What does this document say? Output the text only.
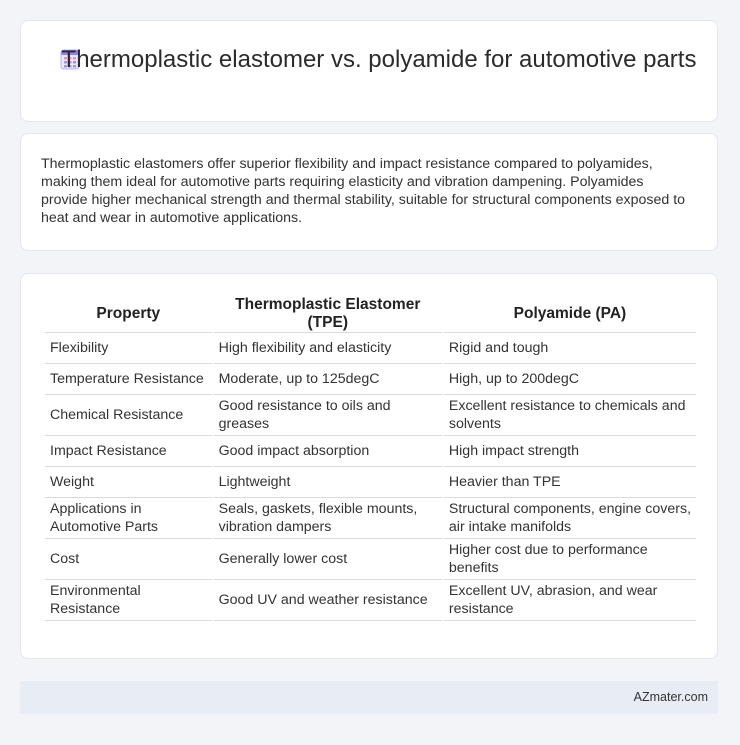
Thermoplastic elastomer vs. polyamide for automotive parts

Thermoplastic elastomers offer superior flexibility and impact resistance compared to polyamides, making them ideal for automotive parts requiring elasticity and vibration dampening. Polyamides provide higher mechanical strength and thermal stability, suitable for structural components exposed to heat and wear in automotive applications.

Property	Thermoplastic Elastomer (TPE)	Polyamide (PA)
Flexibility	High flexibility and elasticity	Rigid and tough
Temperature Resistance	Moderate, up to 125degC	High, up to 200degC
Chemical Resistance	Good resistance to oils and greases	Excellent resistance to chemicals and solvents
Impact Resistance	Good impact absorption	High impact strength
Weight	Lightweight	Heavier than TPE
Applications in Automotive Parts	Seals, gaskets, flexible mounts, vibration dampers	Structural components, engine covers, air intake manifolds
Cost	Generally lower cost	Higher cost due to performance benefits
Environmental Resistance	Good UV and weather resistance	Excellent UV, abrasion, and wear resistance
AZmater.com
